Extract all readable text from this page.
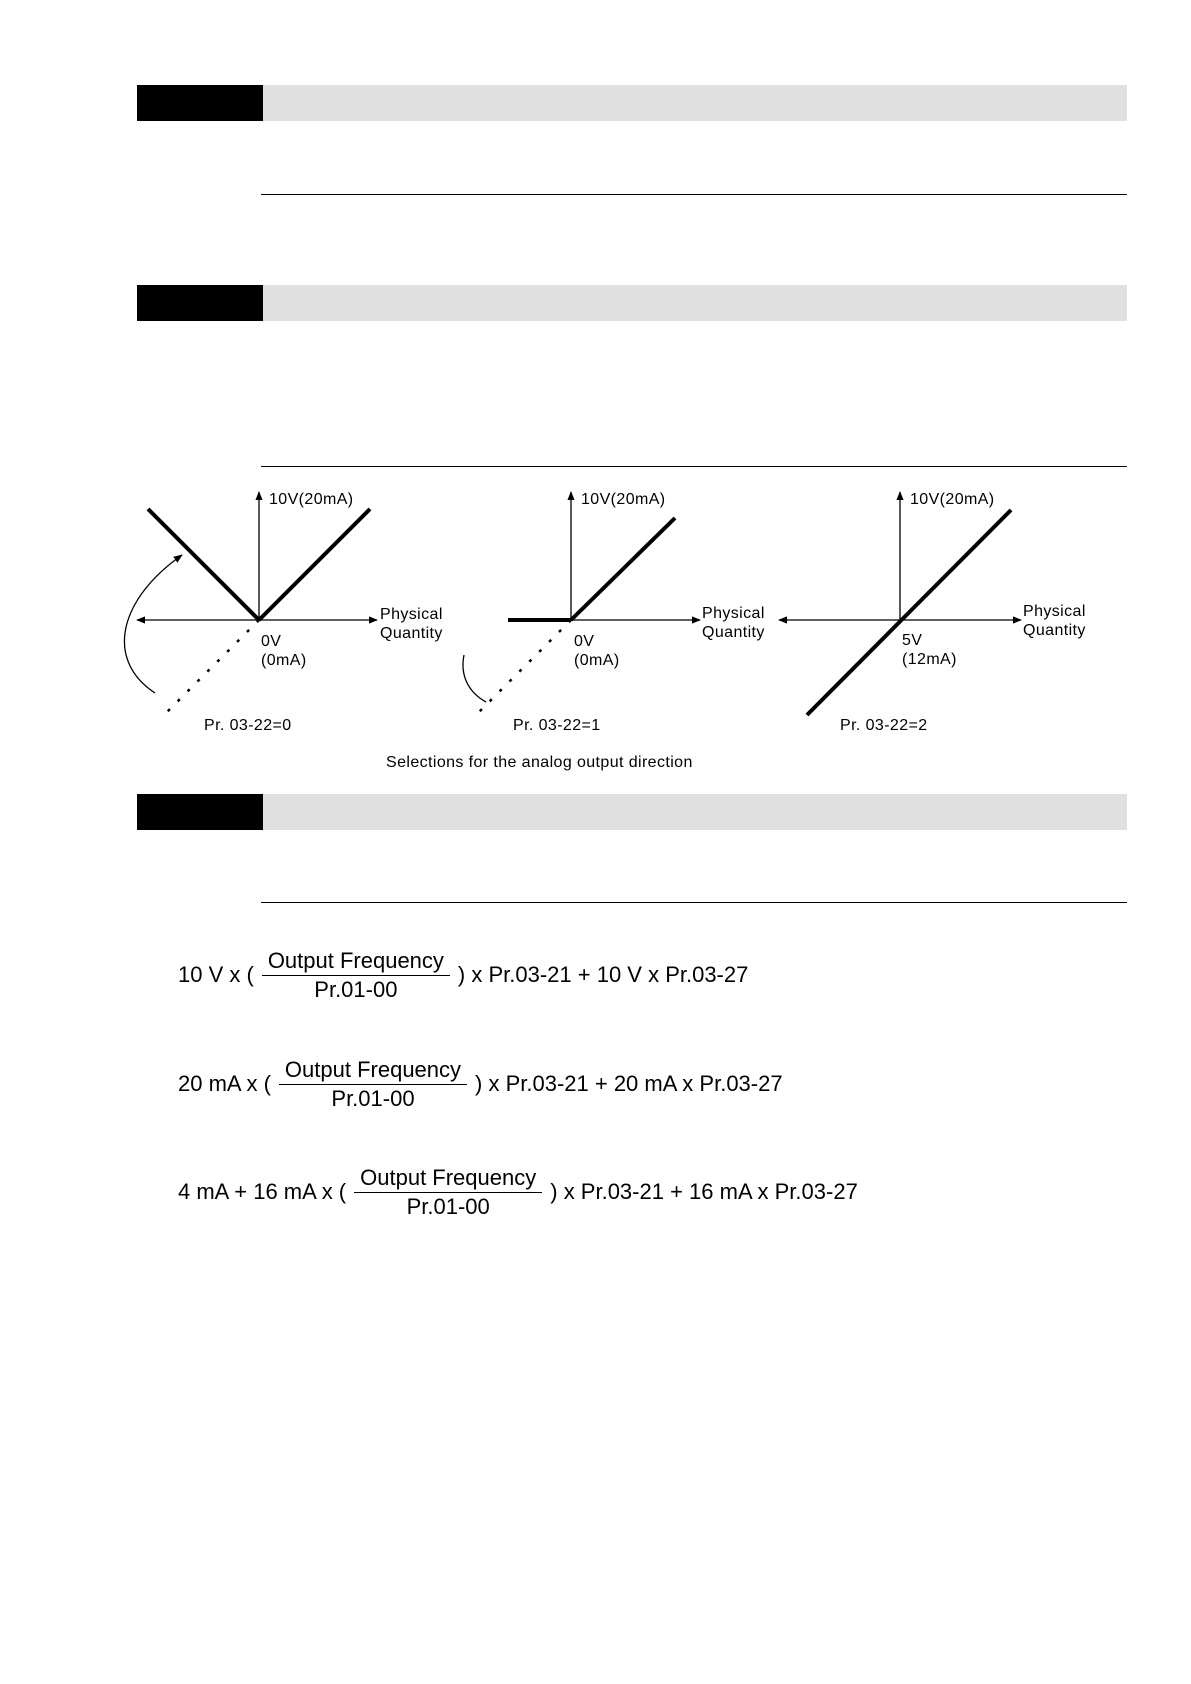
10V(20mA)
Physical
Quantity
0V
(0mA)
Pr. 03-22=0
10V(20mA)
Physical
Quantity
0V
(0mA)
Pr. 03-22=1
10V(20mA)
Physical
Quantity
5V
(12mA)
Pr. 03-22=2
Selections for the analog output direction
10 V x ( $\frac{\text{Output Frequency}}{Pr.01-00}$ ) x Pr.03-21 + 10 V x Pr.03-27
20 mA x ( $\frac{\text{Output Frequency}}{Pr.01-00}$ ) x Pr.03-21 + 20 mA x Pr.03-27
4 mA + 16 mA x ( $\frac{\text{Output Frequency}}{Pr.01-00}$ ) x Pr.03-21 + 16 mA x Pr.03-27
